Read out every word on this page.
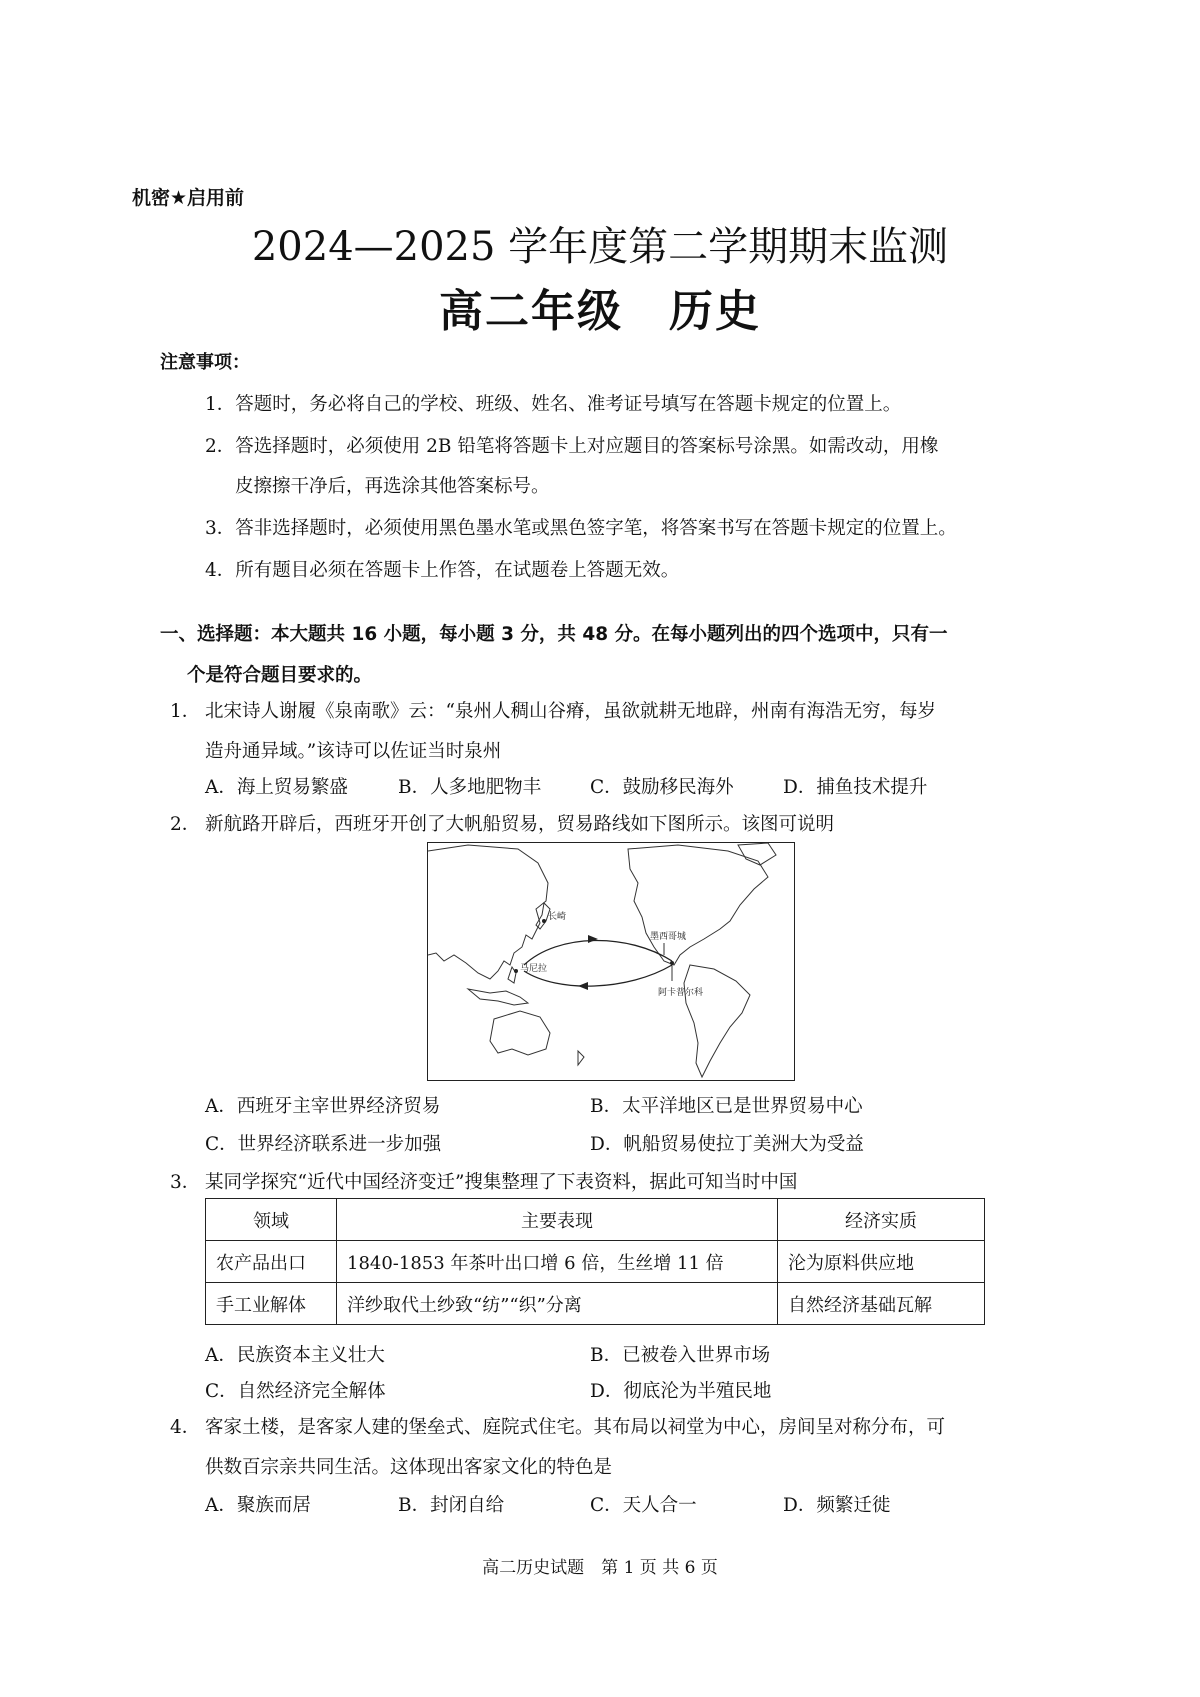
机密★启用前
2024—2025 学年度第二学期期末监测
高二年级　历史
注意事项：
1．答题时，务必将自己的学校、班级、姓名、准考证号填写在答题卡规定的位置上。
2．答选择题时，必须使用 2B 铅笔将答题卡上对应题目的答案标号涂黑。如需改动，用橡
皮擦擦干净后，再选涂其他答案标号。
3．答非选择题时，必须使用黑色墨水笔或黑色签字笔，将答案书写在答题卡规定的位置上。
4．所有题目必须在答题卡上作答，在试题卷上答题无效。
一、选择题：本大题共 16 小题，每小题 3 分，共 48 分。在每小题列出的四个选项中，只有一
个是符合题目要求的。
1． 北宋诗人谢履《泉南歌》云：“泉州人稠山谷瘠，虽欲就耕无地辟，州南有海浩无穷，每岁
造舟通异域。”该诗可以佐证当时泉州
A．海上贸易繁盛	B．人多地肥物丰	C．鼓励移民海外	D．捕鱼技术提升
2． 新航路开辟后，西班牙开创了大帆船贸易，贸易路线如下图所示。该图可说明
长崎
马尼拉
墨西哥城
阿卡普尔科
A．西班牙主宰世界经济贸易	B．太平洋地区已是世界贸易中心
C．世界经济联系进一步加强	D．帆船贸易使拉丁美洲大为受益
3． 某同学探究“近代中国经济变迁”搜集整理了下表资料，据此可知当时中国
领域	主要表现	经济实质
农产品出口	1840-1853 年茶叶出口增 6 倍，生丝增 11 倍	沦为原料供应地
手工业解体	洋纱取代土纱致“纺”“织”分离	自然经济基础瓦解
A．民族资本主义壮大	B．已被卷入世界市场
C．自然经济完全解体	D．彻底沦为半殖民地
4． 客家土楼，是客家人建的堡垒式、庭院式住宅。其布局以祠堂为中心，房间呈对称分布，可
供数百宗亲共同生活。这体现出客家文化的特色是
A．聚族而居	B．封闭自给	C．天人合一	D．频繁迁徙
高二历史试题　第 1 页 共 6 页
